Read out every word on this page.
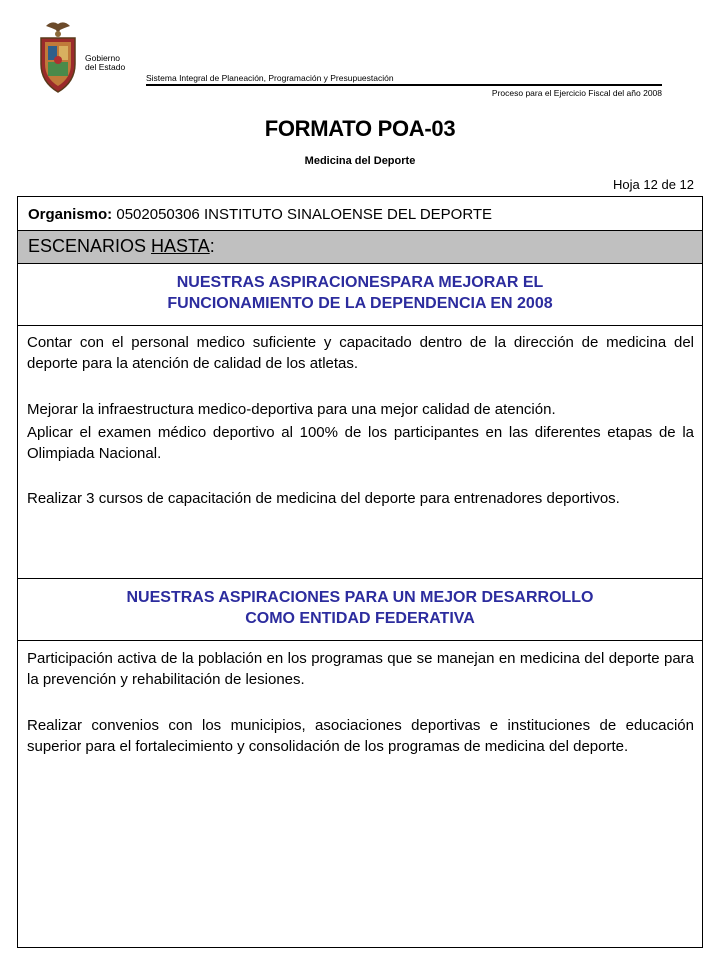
Gobierno
del Estado
Sistema Integral de Planeación, Programación y Presupuestación
Proceso para el Ejercicio Fiscal del año 2008
FORMATO POA-03
Medicina del Deporte
Hoja 12 de 12
Organismo: 0502050306 INSTITUTO SINALOENSE DEL DEPORTE
ESCENARIOS HASTA:
NUESTRAS ASPIRACIONESPARA MEJORAR EL
FUNCIONAMIENTO DE LA DEPENDENCIA EN 2008

Contar con el personal medico suficiente y capacitado dentro de la dirección de medicina del deporte para la atención de calidad de los atletas.

Mejorar la infraestructura medico-deportiva para una mejor calidad de atención.

Aplicar el examen médico deportivo al 100% de los participantes en las diferentes etapas de la Olimpiada Nacional.

Realizar 3 cursos de capacitación de medicina del deporte para entrenadores deportivos.

NUESTRAS ASPIRACIONES PARA UN MEJOR DESARROLLO
COMO ENTIDAD FEDERATIVA

Participación activa de la población en los programas que se manejan en medicina del deporte para la prevención y rehabilitación de lesiones.

Realizar convenios con los municipios, asociaciones deportivas e instituciones de educación superior para el fortalecimiento y consolidación de los programas de medicina del deporte.
